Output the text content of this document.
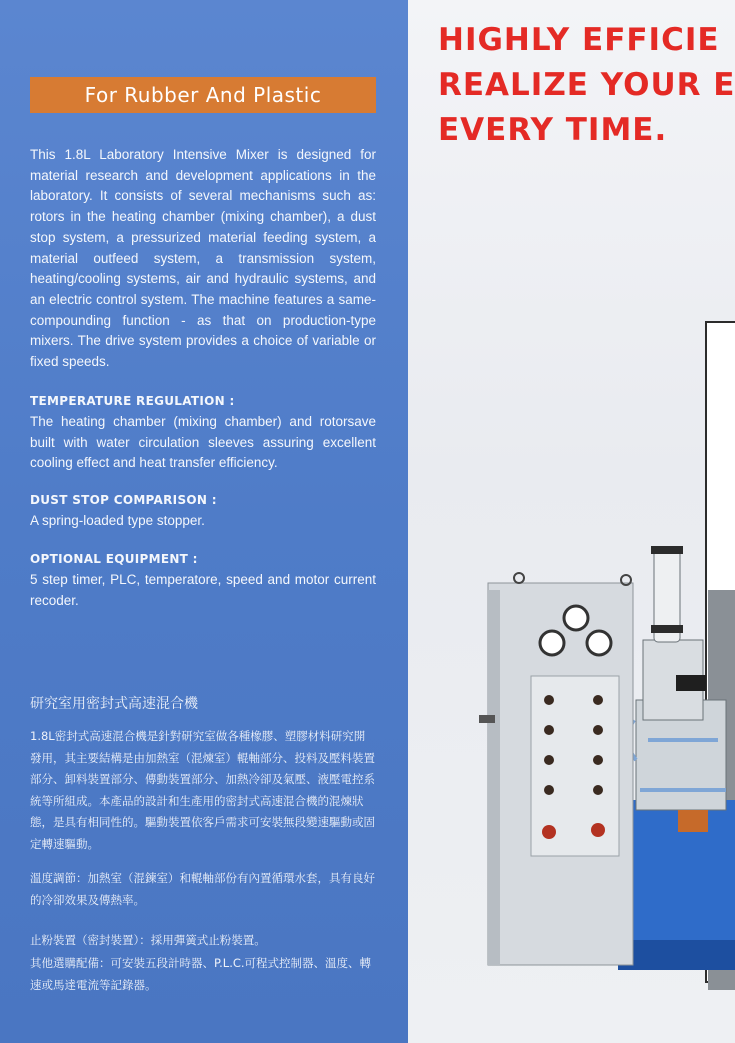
For Rubber And Plastic
This 1.8L Laboratory Intensive Mixer is designed for material research and development applications in the laboratory. It consists of several mechanisms such as: rotors in the heating chamber (mixing chamber), a dust stop system, a pressurized material feeding system, a material outfeed system, a transmission system, heating/cooling systems, air and hydraulic systems, and an electric control system. The machine features a same-compounding function - as that on production-type mixers. The drive system provides a choice of variable or fixed speeds.
TEMPERATURE REGULATION :
The heating chamber (mixing chamber) and rotorsave built with water circulation sleeves assuring excellent cooling effect and heat transfer efficiency.
DUST STOP COMPARISON :
A spring-loaded type stopper.
OPTIONAL EQUIPMENT :
5 step timer, PLC, temperatore, speed and motor current recoder.
研究室用密封式高速混合機
1.8L密封式高速混合機是針對研究室做各種橡膠、塑膠材料研究開發用，其主要結構是由加熱室（混煉室）輥軸部分、投料及壓料裝置部分、卸料裝置部分、傳動裝置部分、加熱冷卻及氣壓、液壓電控系統等所組成。本產品的設計和生產用的密封式高速混合機的混煉狀態，是具有相同性的。驅動裝置依客戶需求可安裝無段變速驅動或固定轉速驅動。
溫度調節：加熱室（混鍊室）和輥軸部份有內置循環水套，具有良好的冷卻效果及傳熱率。
止粉裝置（密封裝置）：採用彈簧式止粉裝置。
其他選購配備：可安裝五段計時器、P.L.C.可程式控制器、溫度、轉速或馬達電流等記錄器。
HIGHLY EFFICIE
REALIZE YOUR E
EVERY TIME.
